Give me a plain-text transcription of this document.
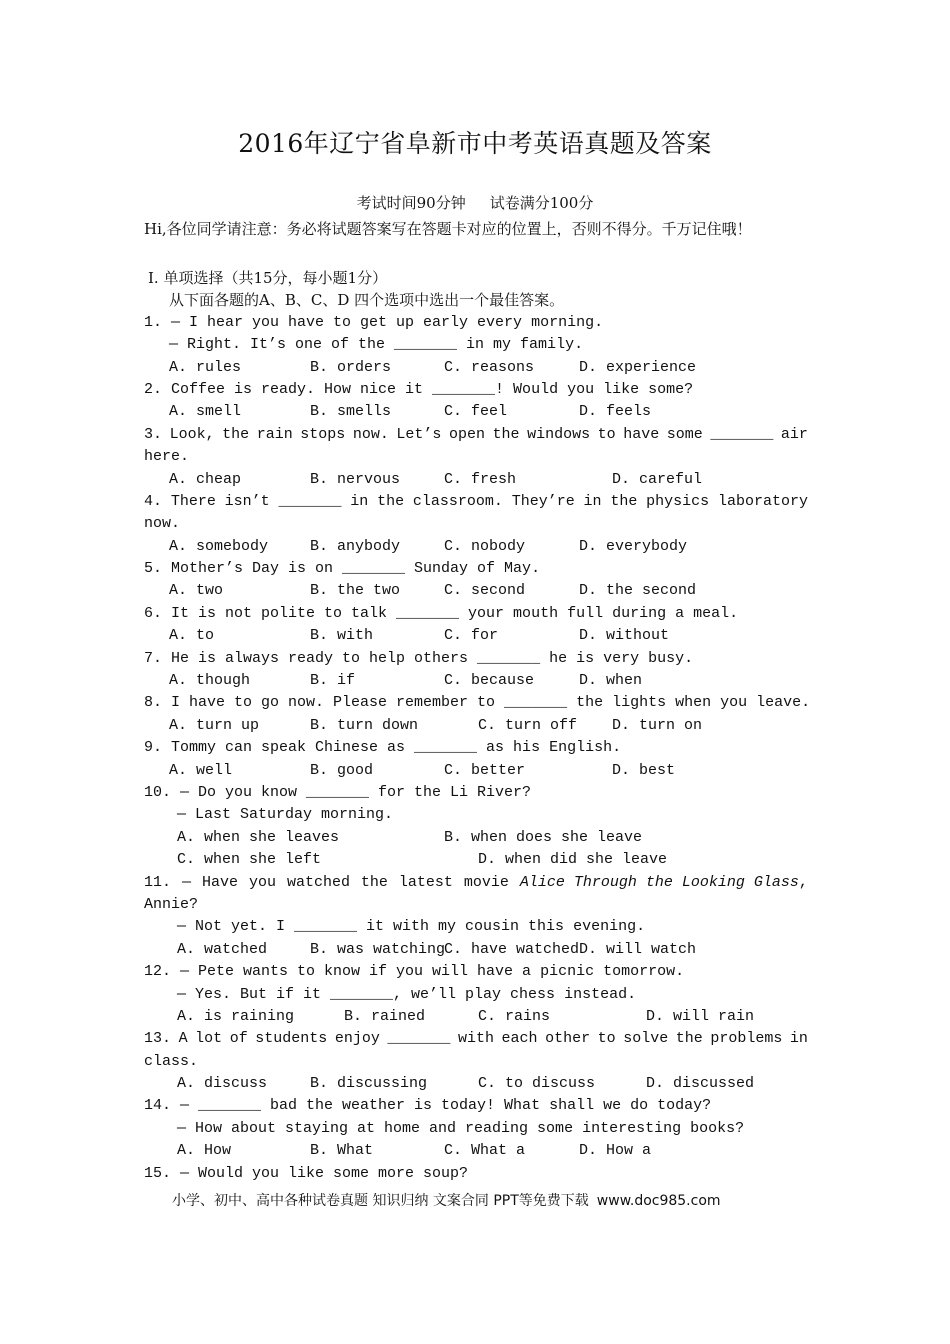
2016年辽宁省阜新市中考英语真题及答案
考试时间90分钟 试卷满分100分
Hi,各位同学请注意：务必将试题答案写在答题卡对应的位置上，否则不得分。千万记住哦！
Ⅰ. 单项选择（共15分，每小题1分）
从下面各题的A、B、C、D 四个选项中选出一个最佳答案。
1. — I hear you have to get up early every morning.
— Right. It’s one of the _______ in my family.
A. rules	B. orders	C. reasons	D. experience
2. Coffee is ready. How nice it _______! Would you like some?
A. smell	B. smells	C. feel	D. feels
3. Look, the rain stops now. Let’s open the windows to have some _______ air
here.
A. cheap	B. nervous	C. fresh	D. careful
4. There isn’t _______ in the classroom. They’re in the physics laboratory
now.
A. somebody	B. anybody	C. nobody	D. everybody
5. Mother’s Day is on _______ Sunday of May.
A. two	B. the two	C. second	D. the second
6. It is not polite to talk _______ your mouth full during a meal.
A. to	B. with	C. for	D. without
7. He is always ready to help others _______ he is very busy.
A. though	B. if	C. because	D. when
8. I have to go now. Please remember to _______ the lights when you leave.
A. turn up	B. turn down	C. turn off D. turn on
9. Tommy can speak Chinese as _______ as his English.
A. well	B. good	C. better	D. best
10. — Do you know _______ for the Li River?
— Last Saturday morning.
A. when she leaves	B. when does she leave
C. when she left	D. when did she leave
11. — Have you watched the latest movie Alice Through the Looking Glass,
Annie?
— Not yet. I _______ it with my cousin this evening.
A. watched	B. was watching
C. have watched D. will watch
12. — Pete wants to know if you will have a picnic tomorrow.
— Yes. But if it _______, we’ll play chess instead.
A. is raining	B. rained	C. rains	D. will rain
13. A lot of students enjoy _______ with each other to solve the problems in
class.
A. discuss	B. discussing	C. to discuss	D. discussed
14. — _______ bad the weather is today! What shall we do today?
— How about staying at home and reading some interesting books?
A. How	B. What	C. What a	D. How a
15. — Would you like some more soup?
小学、初中、高中各种试卷真题 知识归纳 文案合同 PPT等免费下载 www.doc985.com
